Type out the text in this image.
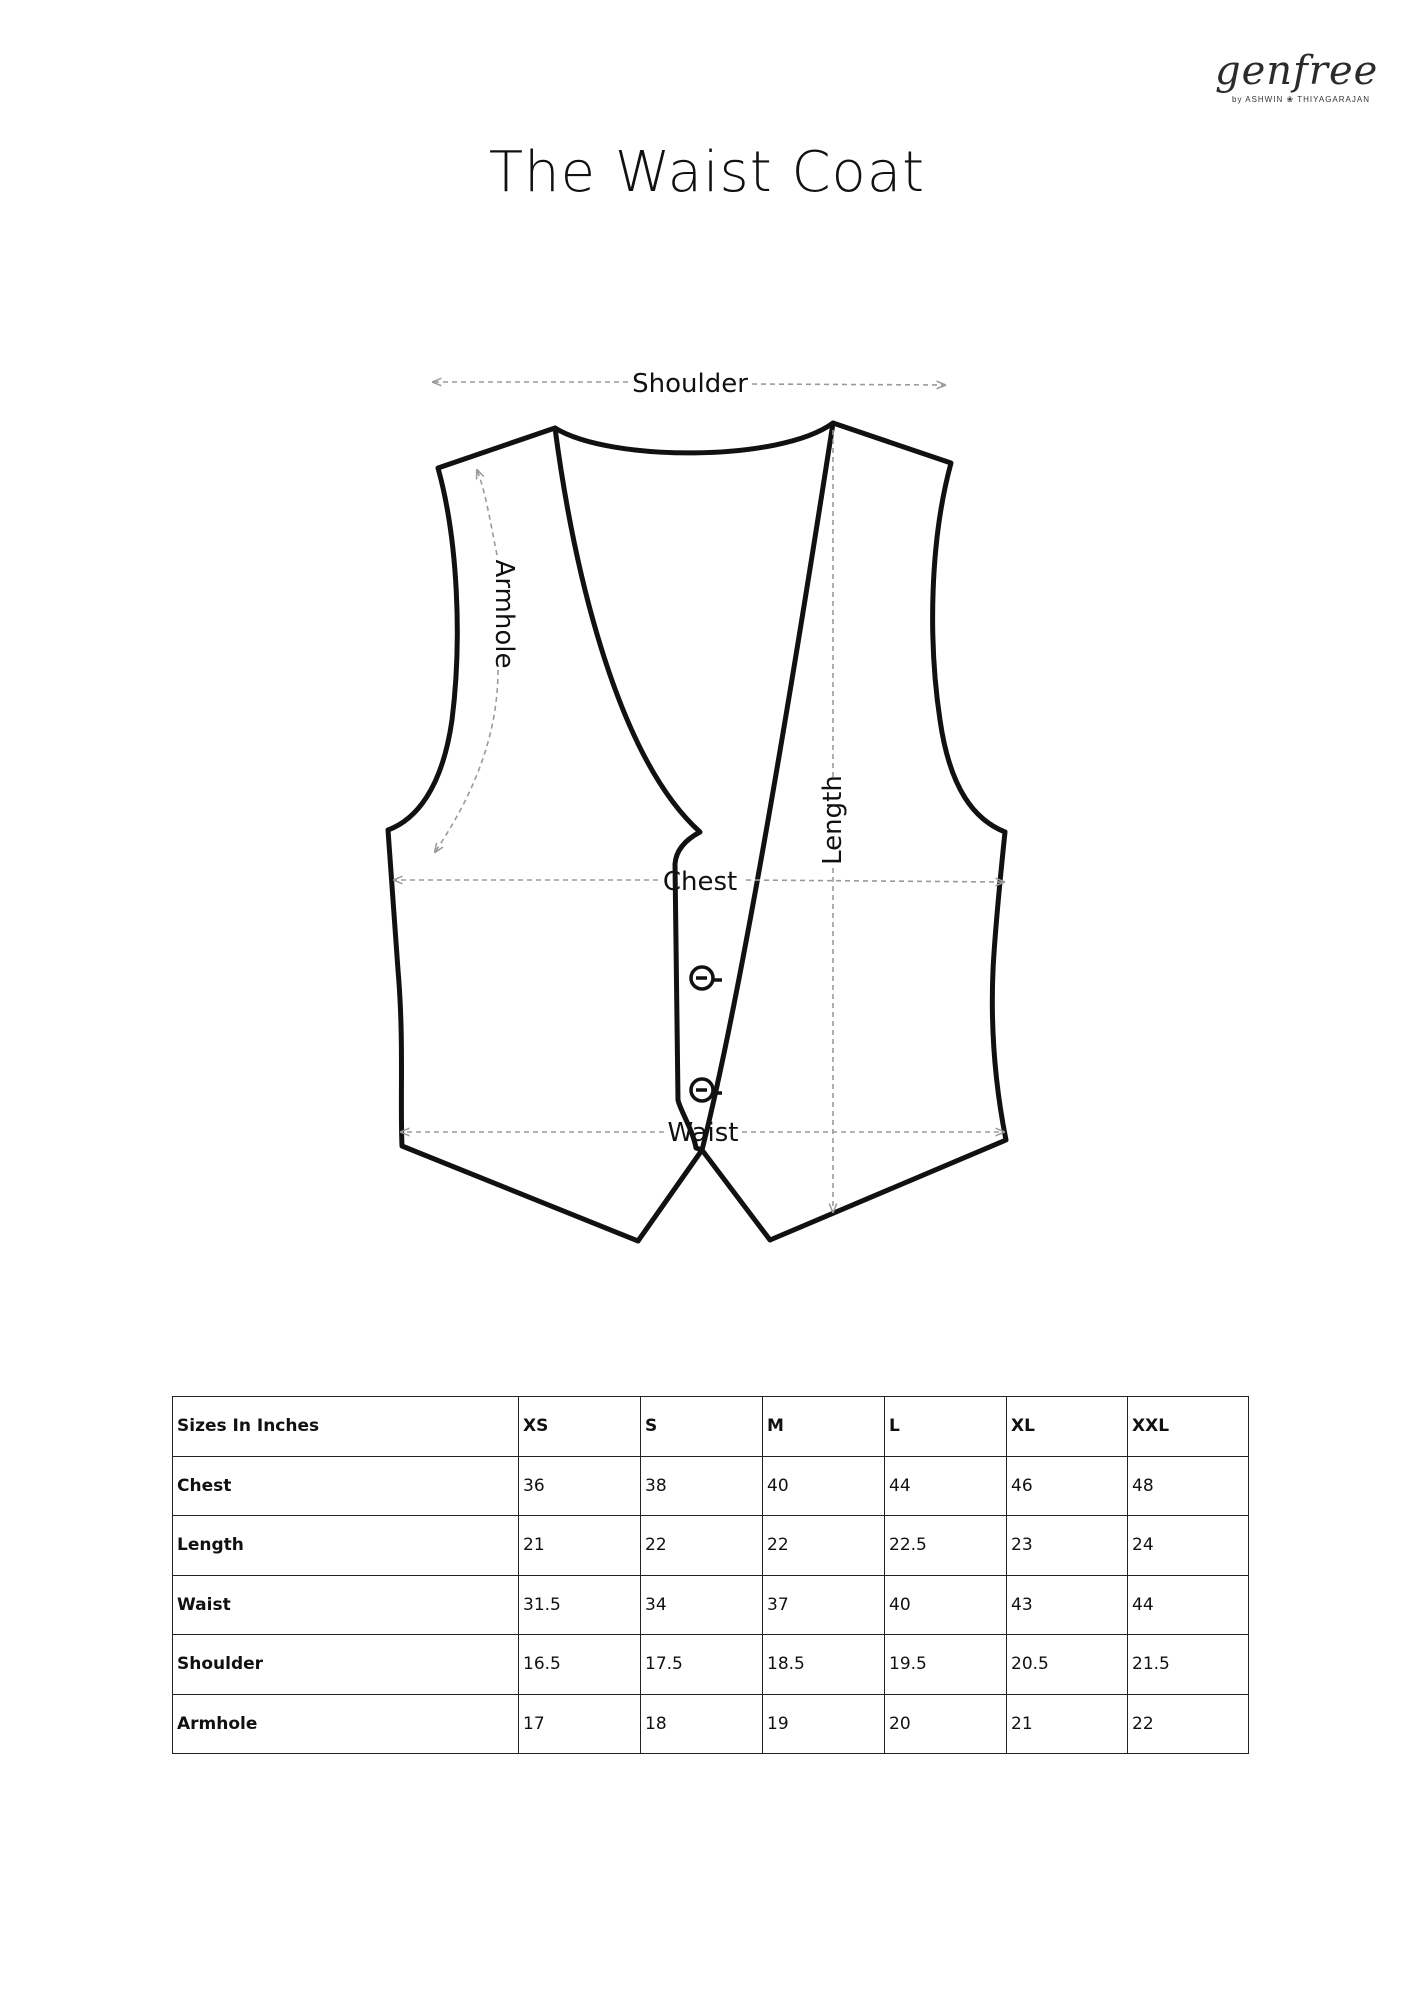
genfree
by ASHWIN ❀ THIYAGARAJAN
The Waist Coat
Shoulder
Armhole
Length
Chest
Waist
Sizes In Inches	XS	S	M	L	XL	XXL
Chest	36	38	40	44	46	48
Length	21	22	22	22.5	23	24
Waist	31.5	34	37	40	43	44
Shoulder	16.5	17.5	18.5	19.5	20.5	21.5
Armhole	17	18	19	20	21	22
